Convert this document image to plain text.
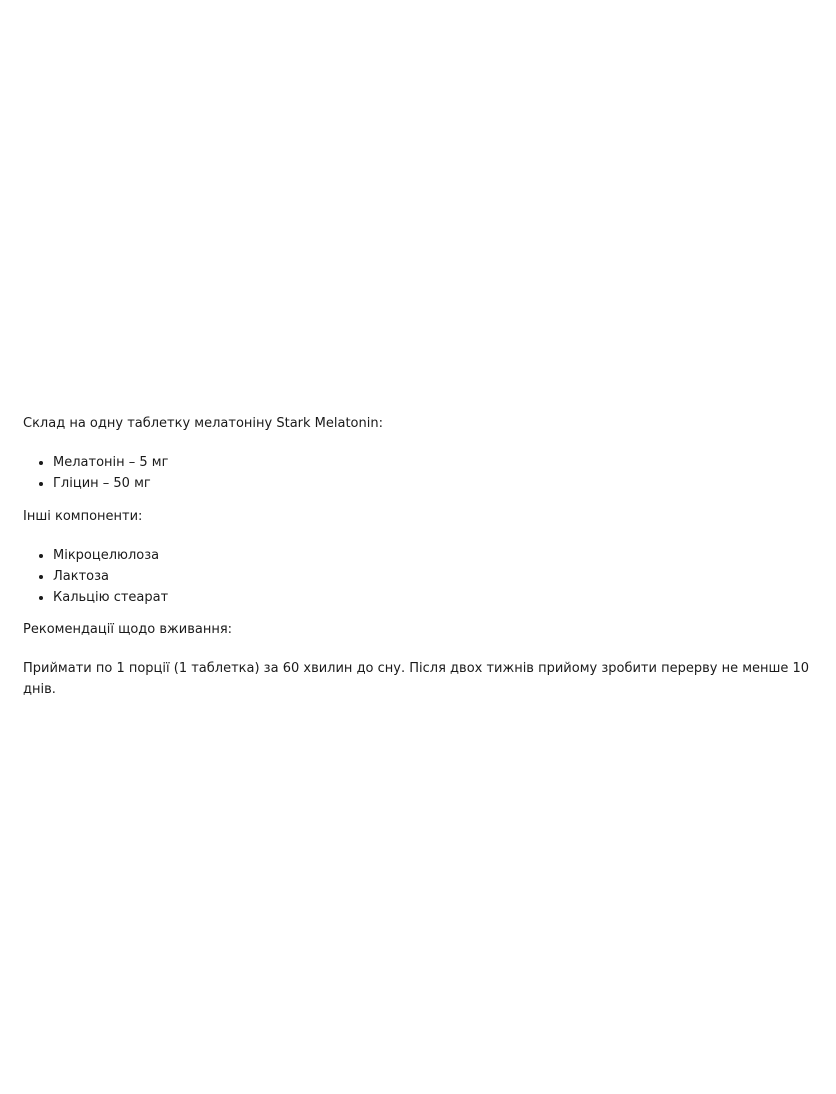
Склад на одну таблетку мелатоніну Stark Melatonin:

• Мелатонін – 5 мг
• Гліцин – 50 мг

Інші компоненти:

• Мікроцелюлоза
• Лактоза
• Кальцію стеарат

Рекомендації щодо вживання:

Приймати по 1 порції (1 таблетка) за 60 хвилин до сну. Після двох тижнів прийому зробити перерву не менше 10 днів.
